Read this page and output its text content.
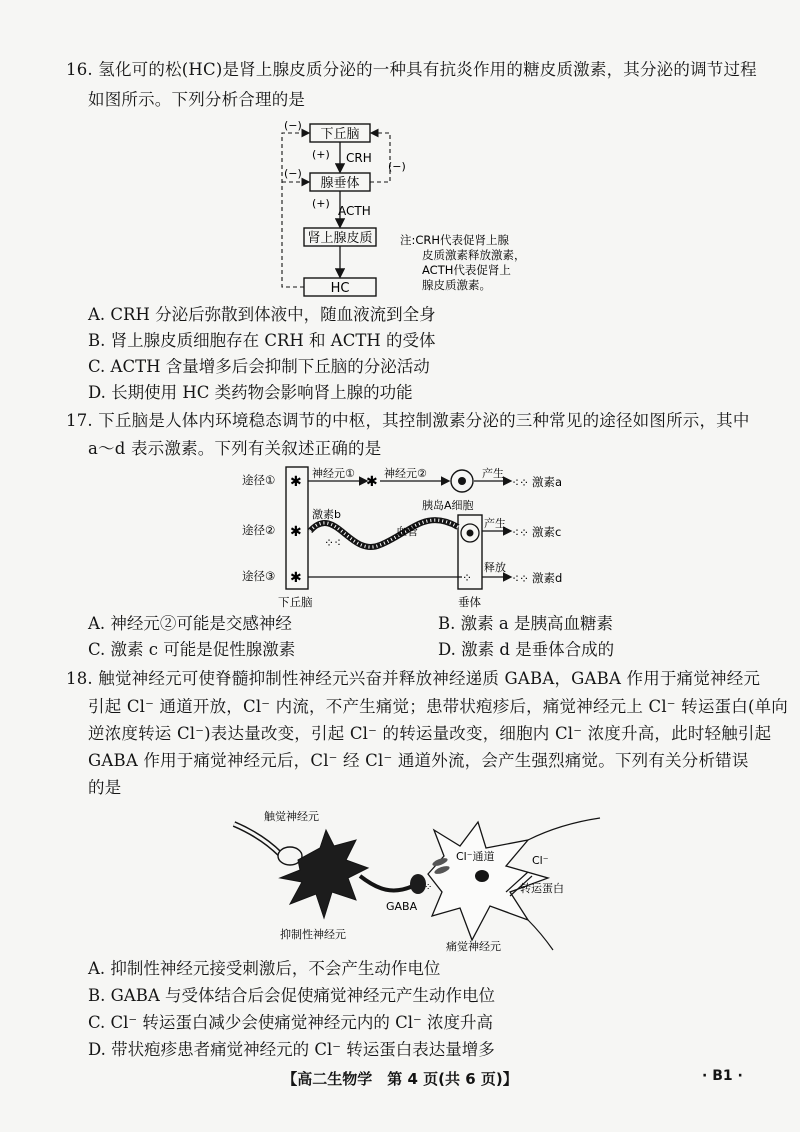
16. 氢化可的松(HC)是肾上腺皮质分泌的一种具有抗炎作用的糖皮质激素，其分泌的调节过程
如图所示。下列分析合理的是
下丘脑
腺垂体
肾上腺皮质
HC
(+) CRH
(+)
ACTH
(−)
(−)
(−)
注:CRH代表促肾上腺
皮质激素释放激素，
ACTH代表促肾上
腺皮质激素。
A. CRH 分泌后弥散到体液中，随血液流到全身
B. 肾上腺皮质细胞存在 CRH 和 ACTH 的受体
C. ACTH 含量增多后会抑制下丘脑的分泌活动
D. 长期使用 HC 类药物会影响肾上腺的功能
17. 下丘脑是人体内环境稳态调节的中枢，其控制激素分泌的三种常见的途径如图所示，其中
a～d 表示激素。下列有关叙述正确的是
途径①
途径②
途径③
✱
✱
✱
神经元①
✱
神经元②	产生
⁖⁘ 激素a
胰岛A细胞
激素b
血管
⁘⁖
产生
⁖⁘ 激素c
⁘
释放
⁖⁘ 激素d
下丘脑	垂体
A. 神经元②可能是交感神经	B. 激素 a 是胰高血糖素
C. 激素 c 可能是促性腺激素	D. 激素 d 是垂体合成的
18. 触觉神经元可使脊髓抑制性神经元兴奋并释放神经递质 GABA，GABA 作用于痛觉神经元
引起 Cl⁻ 通道开放，Cl⁻ 内流，不产生痛觉；患带状疱疹后，痛觉神经元上 Cl⁻ 转运蛋白(单向
逆浓度转运 Cl⁻)表达量改变，引起 Cl⁻ 的转运量改变，细胞内 Cl⁻ 浓度升高，此时轻触引起
GABA 作用于痛觉神经元后，Cl⁻ 经 Cl⁻ 通道外流，会产生强烈痛觉。下列有关分析错误
的是
触觉神经元
抑制性神经元
GABA
⁘
痛觉神经元
Cl⁻通道	Cl⁻
转运蛋白
A. 抑制性神经元接受刺激后，不会产生动作电位
B. GABA 与受体结合后会促使痛觉神经元产生动作电位
C. Cl⁻ 转运蛋白减少会使痛觉神经元内的 Cl⁻ 浓度升高
D. 带状疱疹患者痛觉神经元的 Cl⁻ 转运蛋白表达量增多
【高二生物学　第 4 页(共 6 页)】	· B1 ·
